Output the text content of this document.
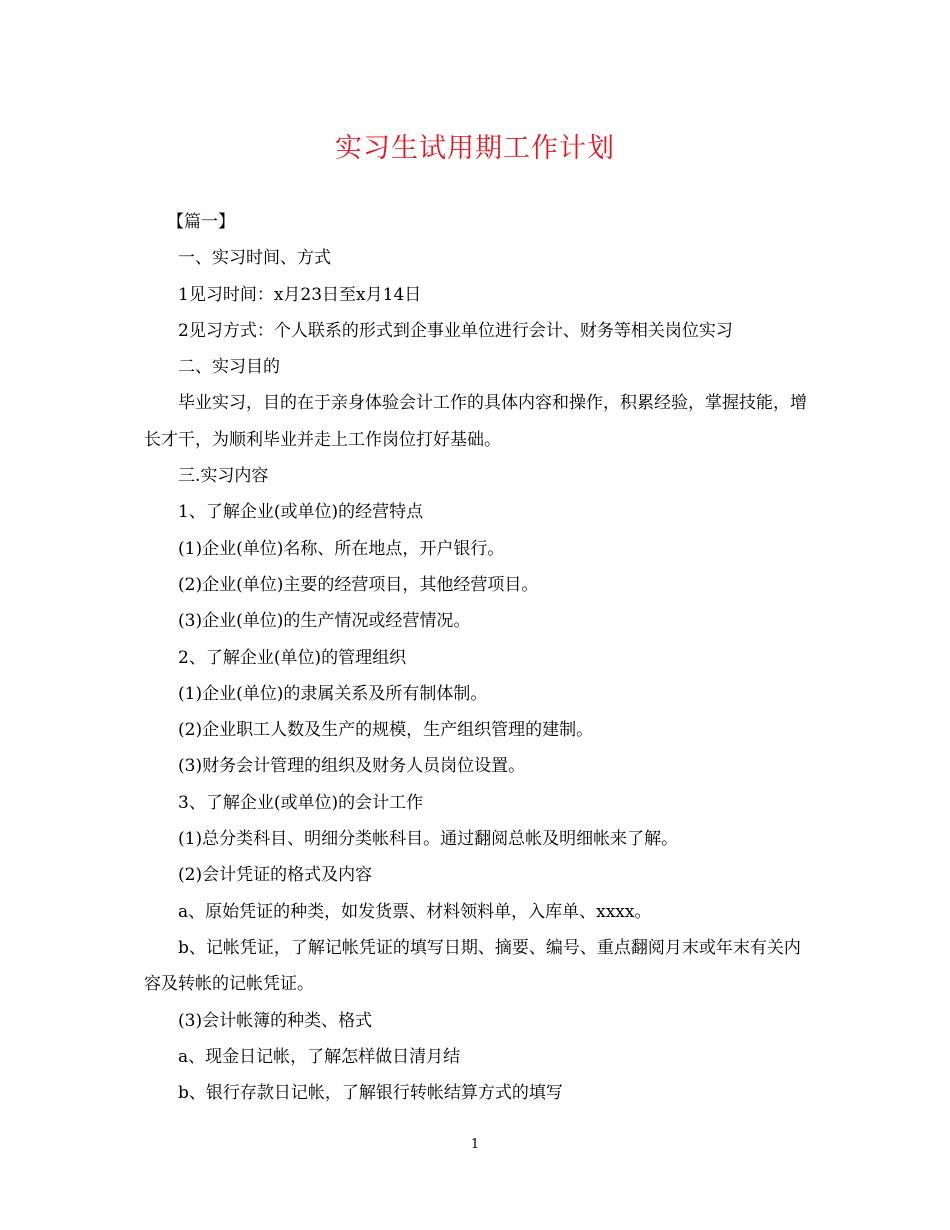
实习生试用期工作计划

【篇一】

一、实习时间、方式

1见习时间：x月23日至x月14日

2见习方式：个人联系的形式到企事业单位进行会计、财务等相关岗位实习

二、实习目的

毕业实习，目的在于亲身体验会计工作的具体内容和操作，积累经验，掌握技能，增长才干，为顺利毕业并走上工作岗位打好基础。

三.实习内容

1、了解企业(或单位)的经营特点

(1)企业(单位)名称、所在地点，开户银行。

(2)企业(单位)主要的经营项目，其他经营项目。

(3)企业(单位)的生产情况或经营情况。

2、了解企业(单位)的管理组织

(1)企业(单位)的隶属关系及所有制体制。

(2)企业职工人数及生产的规模，生产组织管理的建制。

(3)财务会计管理的组织及财务人员岗位设置。

3、了解企业(或单位)的会计工作

(1)总分类科目、明细分类帐科目。通过翻阅总帐及明细帐来了解。

(2)会计凭证的格式及内容

a、原始凭证的种类，如发货票、材料领料单，入库单、xxxx。

b、记帐凭证，了解记帐凭证的填写日期、摘要、编号、重点翻阅月末或年末有关内容及转帐的记帐凭证。

(3)会计帐簿的种类、格式

a、现金日记帐，了解怎样做日清月结

b、银行存款日记帐，了解银行转帐结算方式的填写

1
